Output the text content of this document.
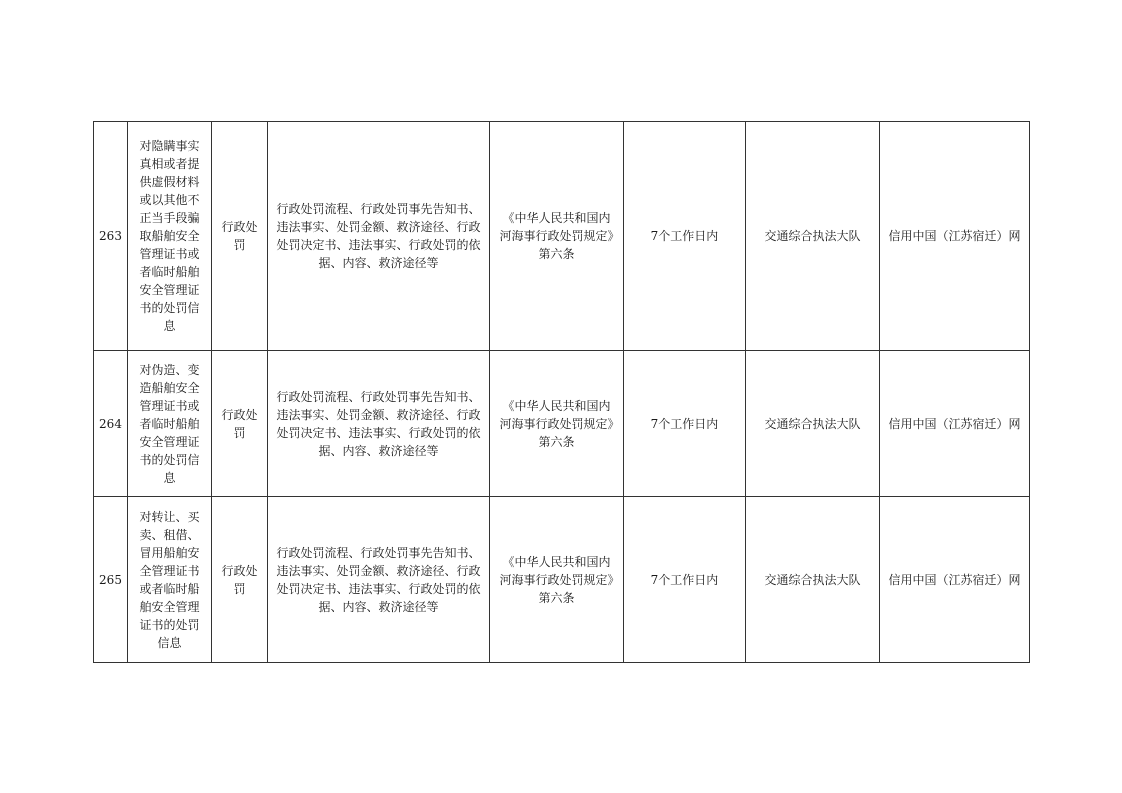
263	对隐瞒事实真相或者提供虚假材料或以其他不正当手段骗取船舶安全管理证书或者临时船舶安全管理证书的处罚信息	行政处罚	行政处罚流程、行政处罚事先告知书、违法事实、处罚金额、救济途径、行政处罚决定书、违法事实、行政处罚的依据、内容、救济途径等	《中华人民共和国内河海事行政处罚规定》第六条	7个工作日内	交通综合执法大队	信用中国（江苏宿迁）网
264	对伪造、变造船舶安全管理证书或者临时船舶安全管理证书的处罚信息	行政处罚	行政处罚流程、行政处罚事先告知书、违法事实、处罚金额、救济途径、行政处罚决定书、违法事实、行政处罚的依据、内容、救济途径等	《中华人民共和国内河海事行政处罚规定》第六条	7个工作日内	交通综合执法大队	信用中国（江苏宿迁）网
265	对转让、买卖、租借、冒用船舶安全管理证书或者临时船舶安全管理证书的处罚信息	行政处罚	行政处罚流程、行政处罚事先告知书、违法事实、处罚金额、救济途径、行政处罚决定书、违法事实、行政处罚的依据、内容、救济途径等	《中华人民共和国内河海事行政处罚规定》第六条	7个工作日内	交通综合执法大队	信用中国（江苏宿迁）网
